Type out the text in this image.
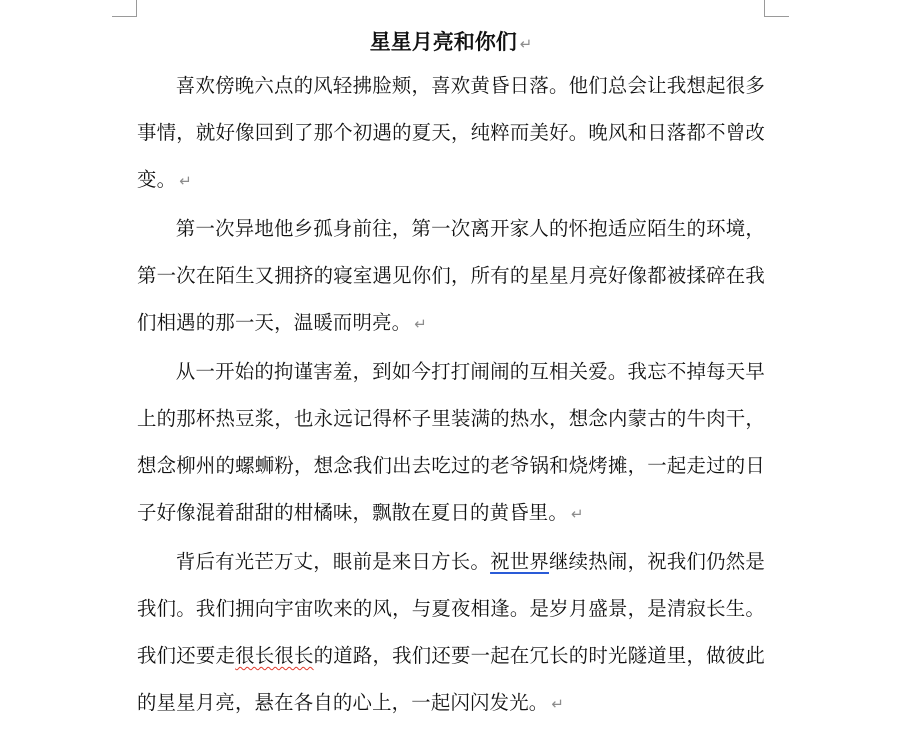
星星月亮和你们 ↵

喜欢傍晚六点的风轻拂脸颊，喜欢黄昏日落。他们总会让我想起很多事情，就好像回到了那个初遇的夏天，纯粹而美好。晚风和日落都不曾改变。 ↵

第一次异地他乡孤身前往，第一次离开家人的怀抱适应陌生的环境，第一次在陌生又拥挤的寝室遇见你们，所有的星星月亮好像都被揉碎在我们相遇的那一天，温暖而明亮。 ↵

从一开始的拘谨害羞，到如今打打闹闹的互相关爱。我忘不掉每天早上的那杯热豆浆，也永远记得杯子里装满的热水，想念内蒙古的牛肉干，想念柳州的螺蛳粉，想念我们出去吃过的老爷锅和烧烤摊，一起走过的日子好像混着甜甜的柑橘味，飘散在夏日的黄昏里。 ↵

背后有光芒万丈，眼前是来日方长。祝世界继续热闹，祝我们仍然是我们。我们拥向宇宙吹来的风，与夏夜相逢。是岁月盛景，是清寂长生。我们还要走很长很长的道路，我们还要一起在冗长的时光隧道里，做彼此的星星月亮，悬在各自的心上，一起闪闪发光。 ↵
